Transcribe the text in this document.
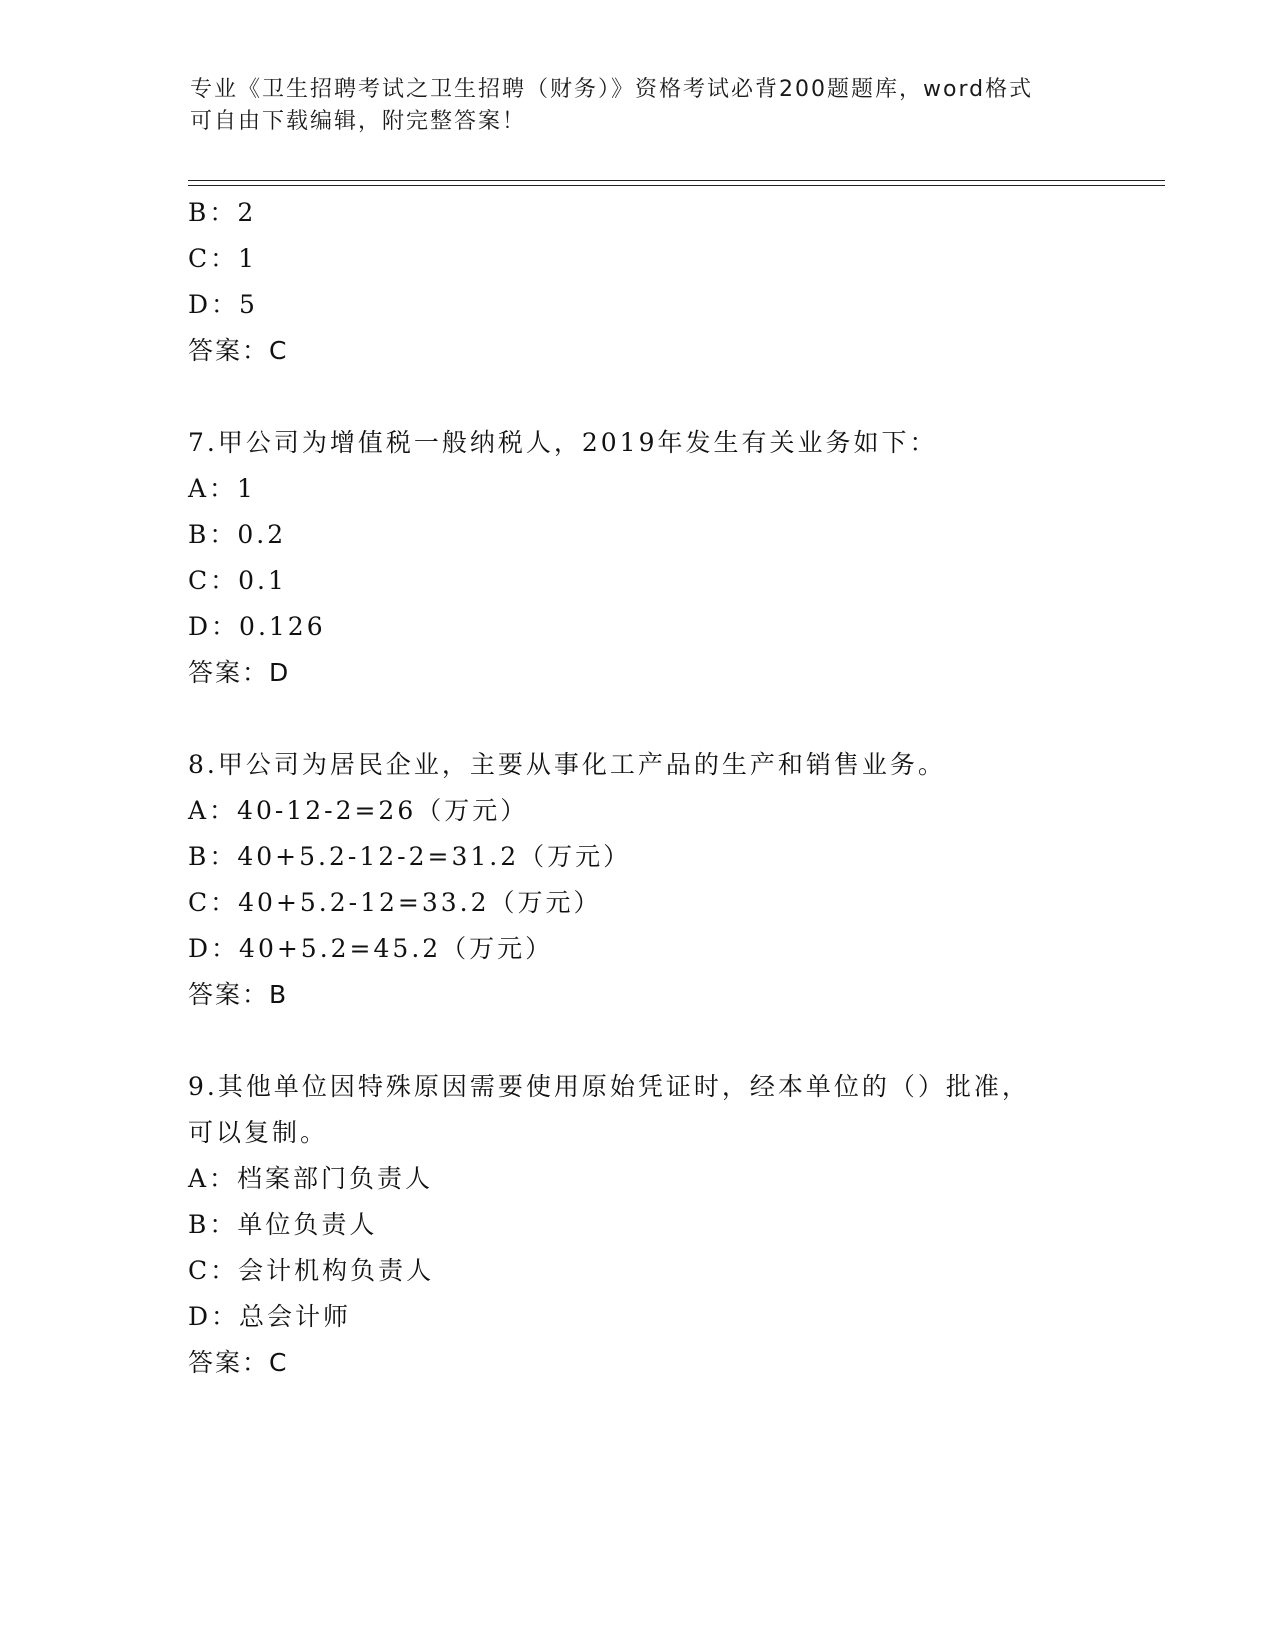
专业《卫生招聘考试之卫生招聘（财务）》资格考试必背200题题库，word格式
可自由下载编辑，附完整答案！
B：2
C：1
D：5
答案：C
7.甲公司为增值税一般纳税人，2019年发生有关业务如下：
A：1
B：0.2
C：0.1
D：0.126
答案：D
8.甲公司为居民企业，主要从事化工产品的生产和销售业务。
A：40-12-2=26（万元）
B：40+5.2-12-2=31.2（万元）
C：40+5.2-12=33.2（万元）
D：40+5.2=45.2（万元）
答案：B
9.其他单位因特殊原因需要使用原始凭证时，经本单位的（）批准，
可以复制。
A：档案部门负责人
B：单位负责人
C：会计机构负责人
D：总会计师
答案：C
